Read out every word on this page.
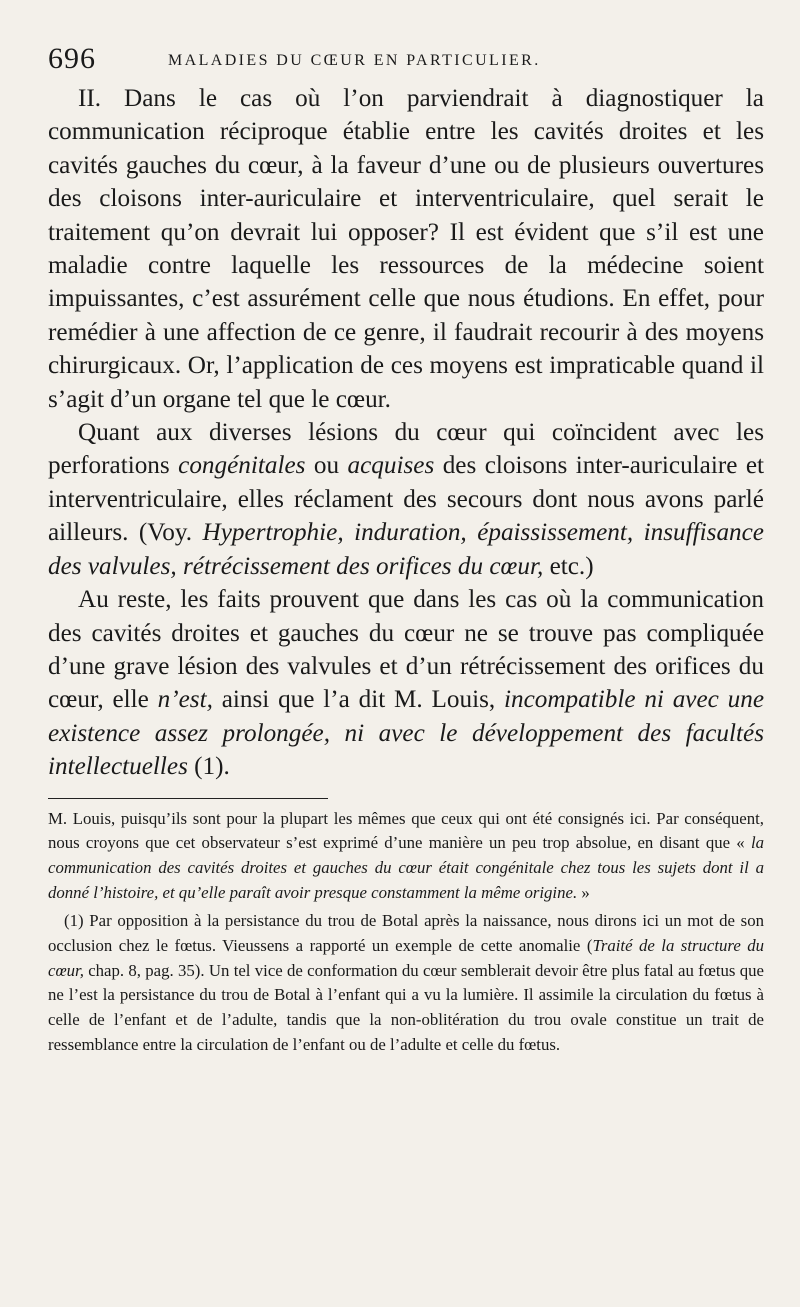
696	MALADIES DU CŒUR EN PARTICULIER.

II. Dans le cas où l’on parviendrait à diagnostiquer la communication réciproque établie entre les cavités droites et les cavités gauches du cœur, à la faveur d’une ou de plusieurs ouvertures des cloisons inter-auriculaire et interventriculaire, quel serait le traitement qu’on devrait lui opposer? Il est évident que s’il est une maladie contre laquelle les ressources de la médecine soient impuissantes, c’est assurément celle que nous étudions. En effet, pour remédier à une affection de ce genre, il faudrait recourir à des moyens chirurgicaux. Or, l’application de ces moyens est impraticable quand il s’agit d’un organe tel que le cœur.

Quant aux diverses lésions du cœur qui coïncident avec les perforations congénitales ou acquises des cloisons inter-auriculaire et interventriculaire, elles réclament des secours dont nous avons parlé ailleurs. (Voy. Hypertrophie, induration, épaississement, insuffisance des valvules, rétrécissement des orifices du cœur, etc.)

Au reste, les faits prouvent que dans les cas où la communication des cavités droites et gauches du cœur ne se trouve pas compliquée d’une grave lésion des valvules et d’un rétrécissement des orifices du cœur, elle n’est, ainsi que l’a dit M. Louis, incompatible ni avec une existence assez prolongée, ni avec le développement des facultés intellectuelles (1).

M. Louis, puisqu’ils sont pour la plupart les mêmes que ceux qui ont été consignés ici. Par conséquent, nous croyons que cet observateur s’est exprimé d’une manière un peu trop absolue, en disant que « la communication des cavités droites et gauches du cœur était congénitale chez tous les sujets dont il a donné l’histoire, et qu’elle paraît avoir presque constamment la même origine. »

(1) Par opposition à la persistance du trou de Botal après la naissance, nous dirons ici un mot de son occlusion chez le fœtus. Vieussens a rapporté un exemple de cette anomalie (Traité de la structure du cœur, chap. 8, pag. 35). Un tel vice de conformation du cœur semblerait devoir être plus fatal au fœtus que ne l’est la persistance du trou de Botal à l’enfant qui a vu la lumière. Il assimile la circulation du fœtus à celle de l’enfant et de l’adulte, tandis que la non-oblitération du trou ovale constitue un trait de ressemblance entre la circulation de l’enfant ou de l’adulte et celle du fœtus.
